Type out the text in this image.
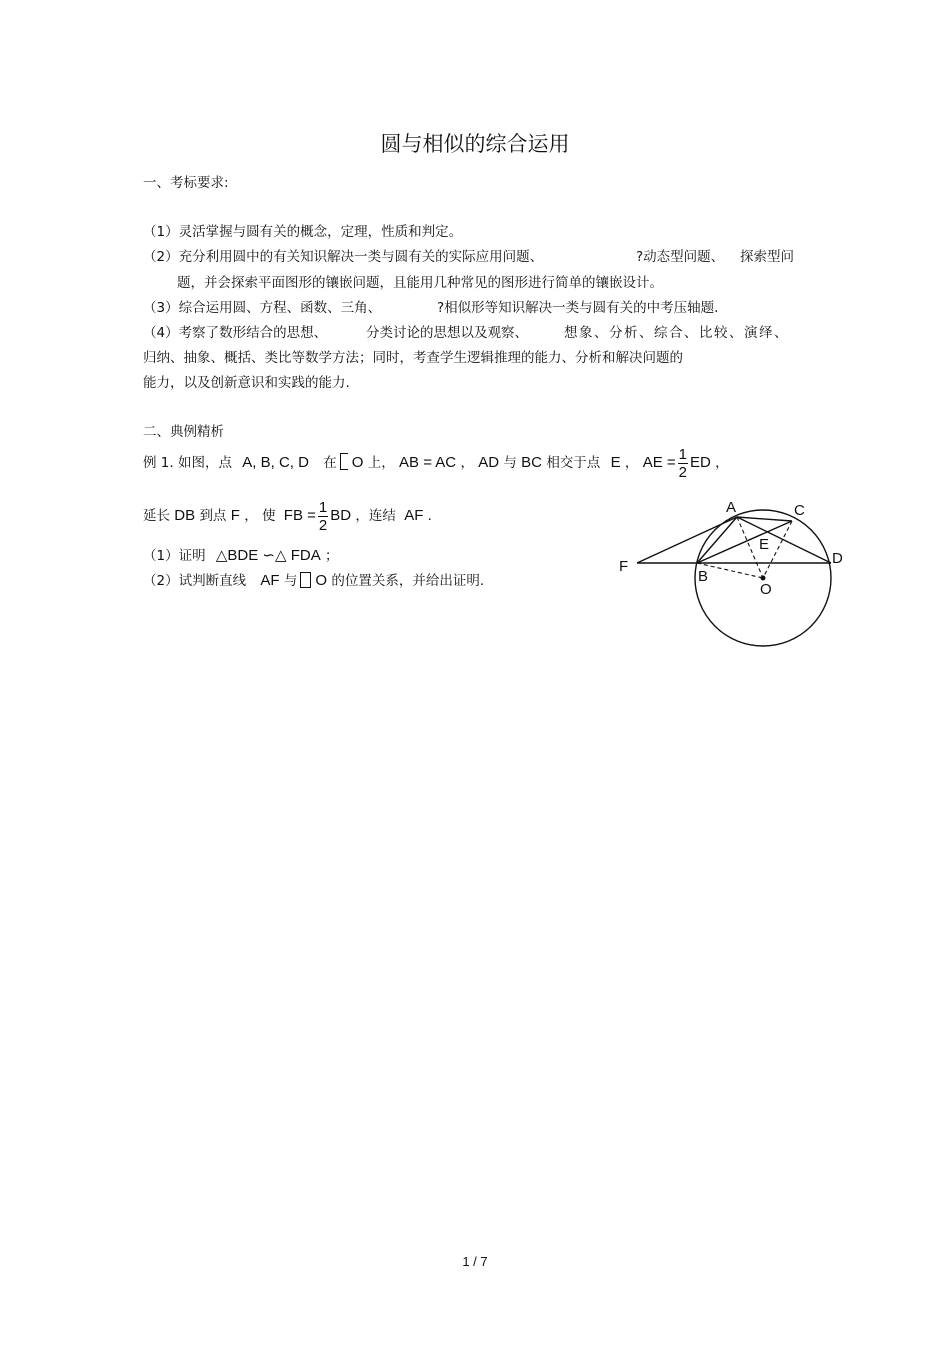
圆与相似的综合运用
一、考标要求:
（1）灵活掌握与圆有关的概念，定理，性质和判定。
（2）充分利用圆中的有关知识解决一类与圆有关的实际应用问题、	?动态型问题、 探索型问
题，并会探索平面图形的镶嵌问题，且能用几种常见的图形进行简单的镶嵌设计。
（3）综合运用圆、方程、函数、三角、	?相似形等知识解决一类与圆有关的中考压轴题.
（4）考察了数形结合的思想、	分类讨论的思想以及观察、	想象、分析、综合、比较、演绎、
归纳、抽象、概括、类比等数学方法；同时，考查学生逻辑推理的能力、分析和解决问题的
能力，以及创新意识和实践的能力.
二、典例精析
例 1. 如图，点 A, B, C, D 在 O 上， AB = AC ， AD 与 BC 相交于点 E ， AE = $\frac{1}{2}$ ED ，
延长 DB 到点 F ， 使 FB = $\frac{1}{2}$ BD ，连结 AF .
（1）证明 △BDE ∽△ FDA ；
（2）试判断直线 AF 与 O 的位置关系，并给出证明.
A	C
E
D
F
B
O
1 / 7
